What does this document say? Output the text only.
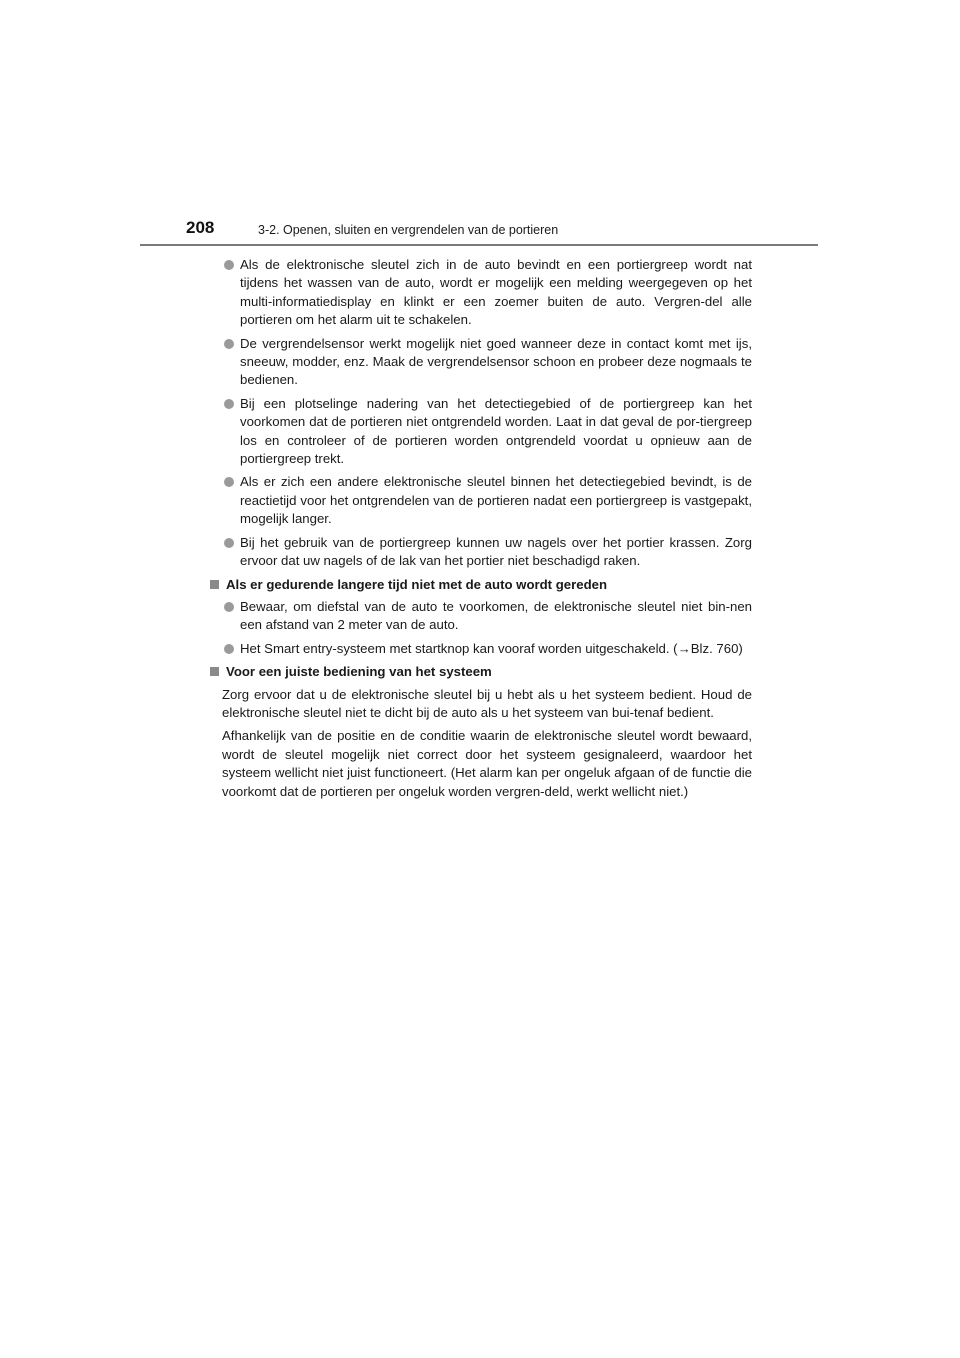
208	3-2. Openen, sluiten en vergrendelen van de portieren
Als de elektronische sleutel zich in de auto bevindt en een portiergreep wordt nat tijdens het wassen van de auto, wordt er mogelijk een melding weergegeven op het multi-informatiedisplay en klinkt er een zoemer buiten de auto. Vergren-del alle portieren om het alarm uit te schakelen.
De vergrendelsensor werkt mogelijk niet goed wanneer deze in contact komt met ijs, sneeuw, modder, enz. Maak de vergrendelsensor schoon en probeer deze nogmaals te bedienen.
Bij een plotselinge nadering van het detectiegebied of de portiergreep kan het voorkomen dat de portieren niet ontgrendeld worden. Laat in dat geval de por-tiergreep los en controleer of de portieren worden ontgrendeld voordat u opnieuw aan de portiergreep trekt.
Als er zich een andere elektronische sleutel binnen het detectiegebied bevindt, is de reactietijd voor het ontgrendelen van de portieren nadat een portiergreep is vastgepakt, mogelijk langer.
Bij het gebruik van de portiergreep kunnen uw nagels over het portier krassen. Zorg ervoor dat uw nagels of de lak van het portier niet beschadigd raken.
Als er gedurende langere tijd niet met de auto wordt gereden
Bewaar, om diefstal van de auto te voorkomen, de elektronische sleutel niet bin-nen een afstand van 2 meter van de auto.
Het Smart entry-systeem met startknop kan vooraf worden uitgeschakeld. (→Blz. 760)
Voor een juiste bediening van het systeem
Zorg ervoor dat u de elektronische sleutel bij u hebt als u het systeem bedient. Houd de elektronische sleutel niet te dicht bij de auto als u het systeem van bui-tenaf bedient.
Afhankelijk van de positie en de conditie waarin de elektronische sleutel wordt bewaard, wordt de sleutel mogelijk niet correct door het systeem gesignaleerd, waardoor het systeem wellicht niet juist functioneert. (Het alarm kan per ongeluk afgaan of de functie die voorkomt dat de portieren per ongeluk worden vergren-deld, werkt wellicht niet.)
